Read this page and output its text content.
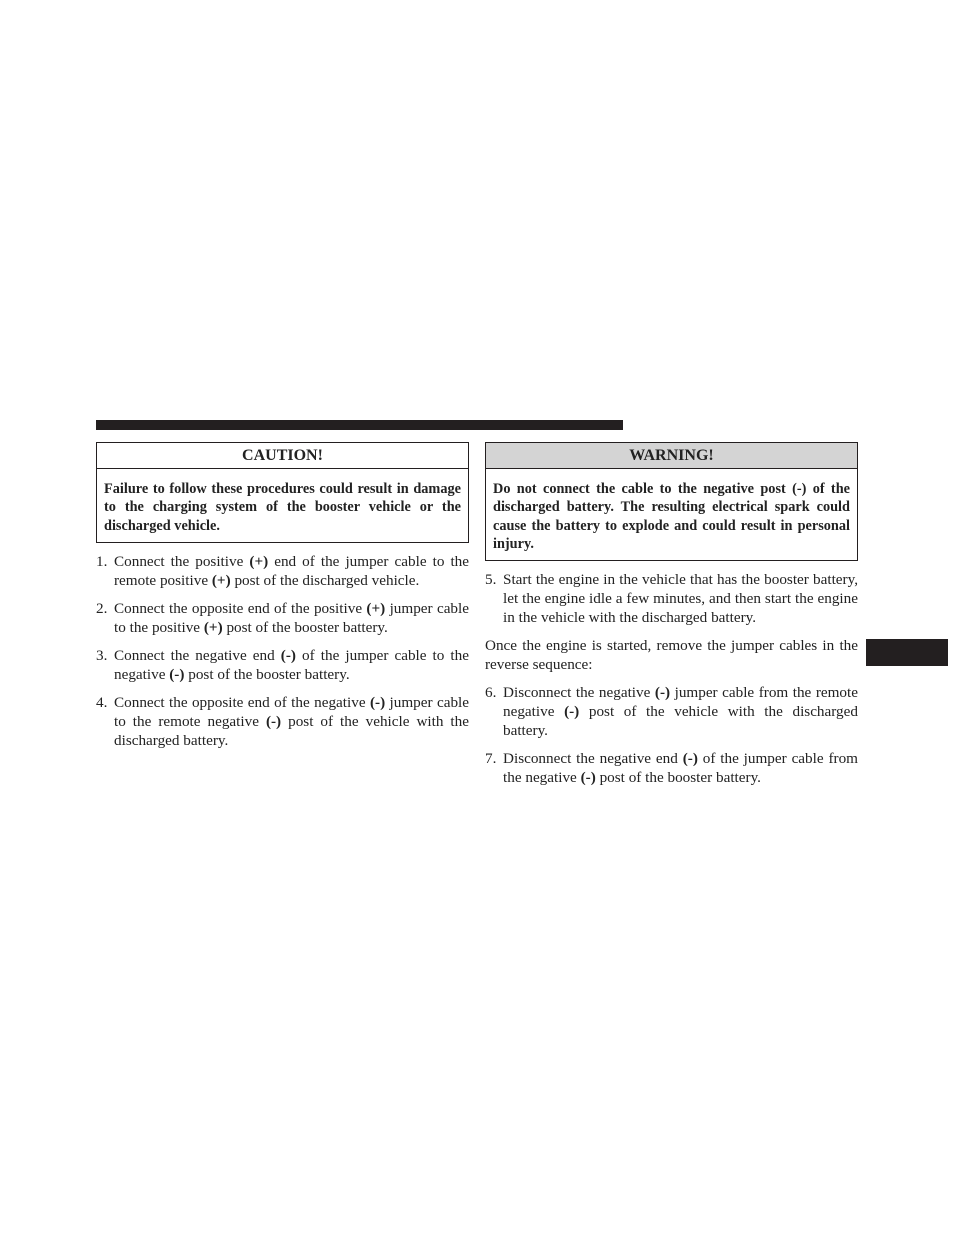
CAUTION!
Failure to follow these procedures could result in damage to the charging system of the booster vehicle or the discharged vehicle.
1. Connect the positive (+) end of the jumper cable to the remote positive (+) post of the discharged vehicle.
2. Connect the opposite end of the positive (+) jumper cable to the positive (+) post of the booster battery.
3. Connect the negative end (-) of the jumper cable to the negative (-) post of the booster battery.
4. Connect the opposite end of the negative (-) jumper cable to the remote negative (-) post of the vehicle with the discharged battery.
WARNING!
Do not connect the cable to the negative post (-) of the discharged battery. The resulting electrical spark could cause the battery to explode and could result in personal injury.
5. Start the engine in the vehicle that has the booster battery, let the engine idle a few minutes, and then start the engine in the vehicle with the discharged battery.

Once the engine is started, remove the jumper cables in the reverse sequence:

6. Disconnect the negative (-) jumper cable from the remote negative (-) post of the vehicle with the discharged battery.
7. Disconnect the negative end (-) of the jumper cable from the negative (-) post of the booster battery.
